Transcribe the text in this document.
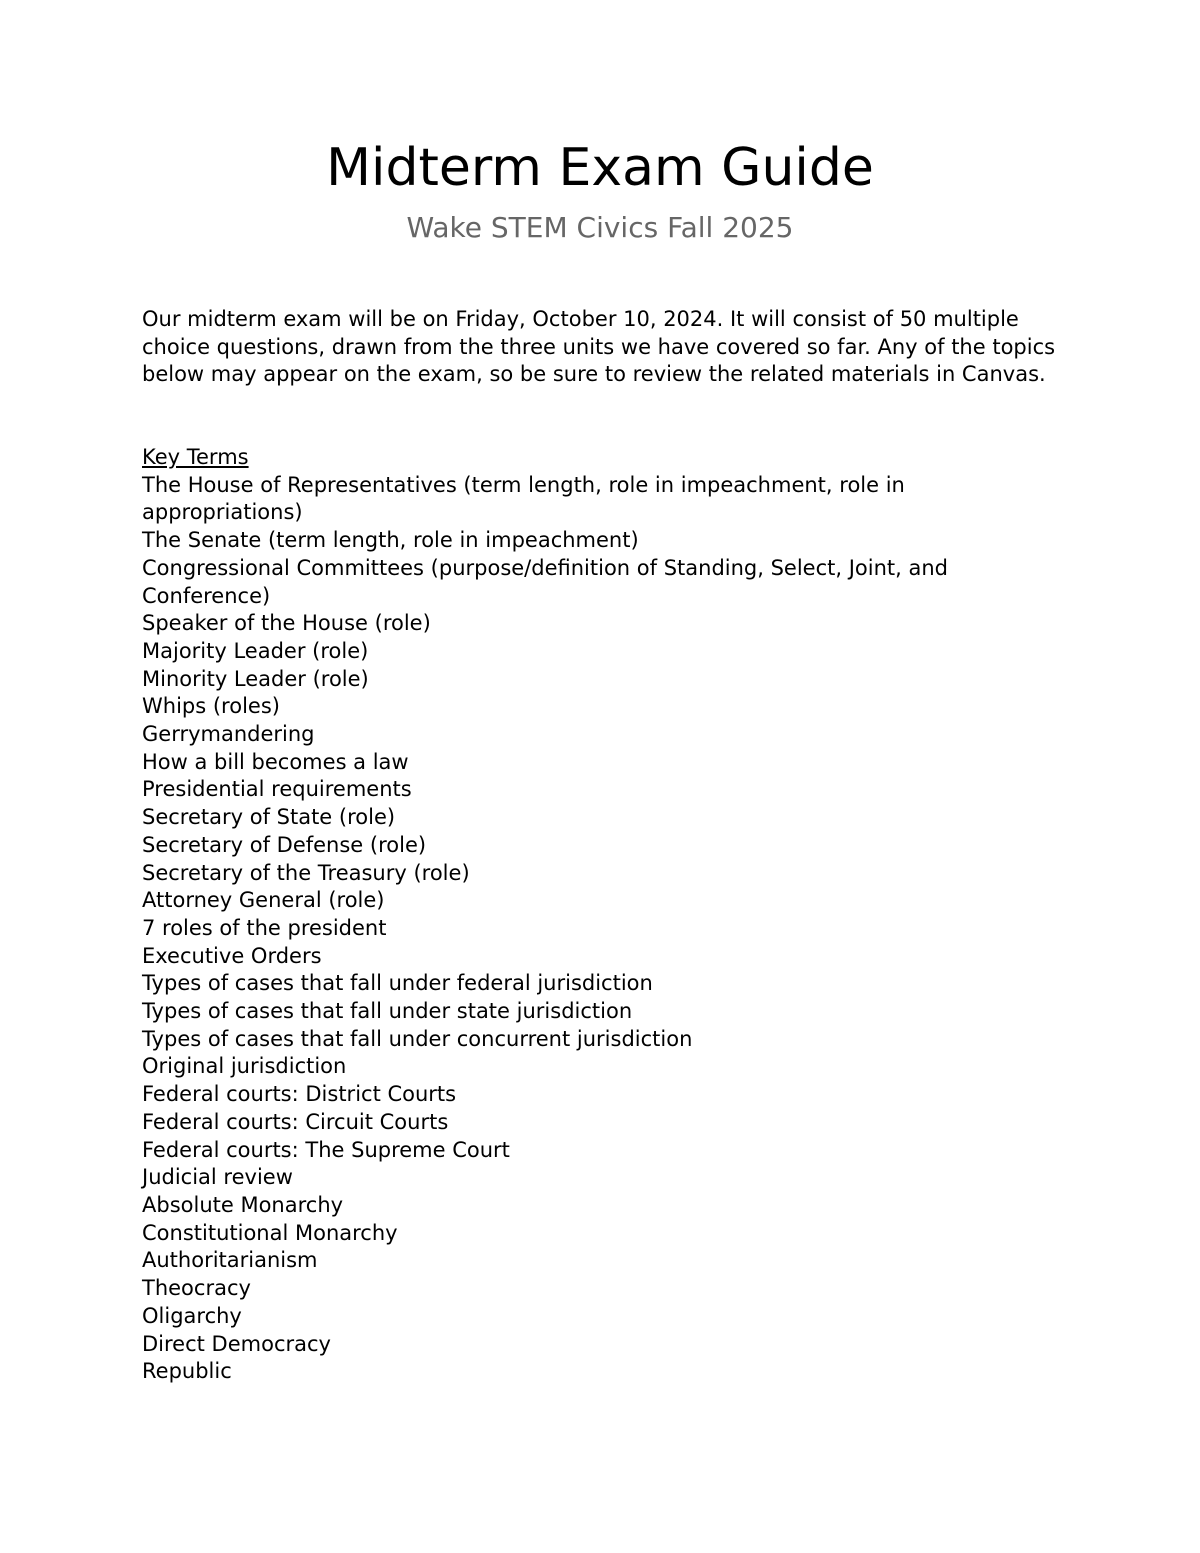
Midterm Exam Guide
Wake STEM Civics Fall 2025

Our midterm exam will be on Friday, October 10, 2024. It will consist of 50 multiple choice questions, drawn from the three units we have covered so far. Any of the topics below may appear on the exam, so be sure to review the related materials in Canvas.

Key Terms
The House of Representatives (term length, role in impeachment, role in appropriations)
The Senate (term length, role in impeachment)
Congressional Committees (purpose/definition of Standing, Select, Joint, and Conference)
Speaker of the House (role)
Majority Leader (role)
Minority Leader (role)
Whips (roles)
Gerrymandering
How a bill becomes a law
Presidential requirements
Secretary of State (role)
Secretary of Defense (role)
Secretary of the Treasury (role)
Attorney General (role)
7 roles of the president
Executive Orders
Types of cases that fall under federal jurisdiction
Types of cases that fall under state jurisdiction
Types of cases that fall under concurrent jurisdiction
Original jurisdiction
Federal courts: District Courts
Federal courts: Circuit Courts
Federal courts: The Supreme Court
Judicial review
Absolute Monarchy
Constitutional Monarchy
Authoritarianism
Theocracy
Oligarchy
Direct Democracy
Republic
